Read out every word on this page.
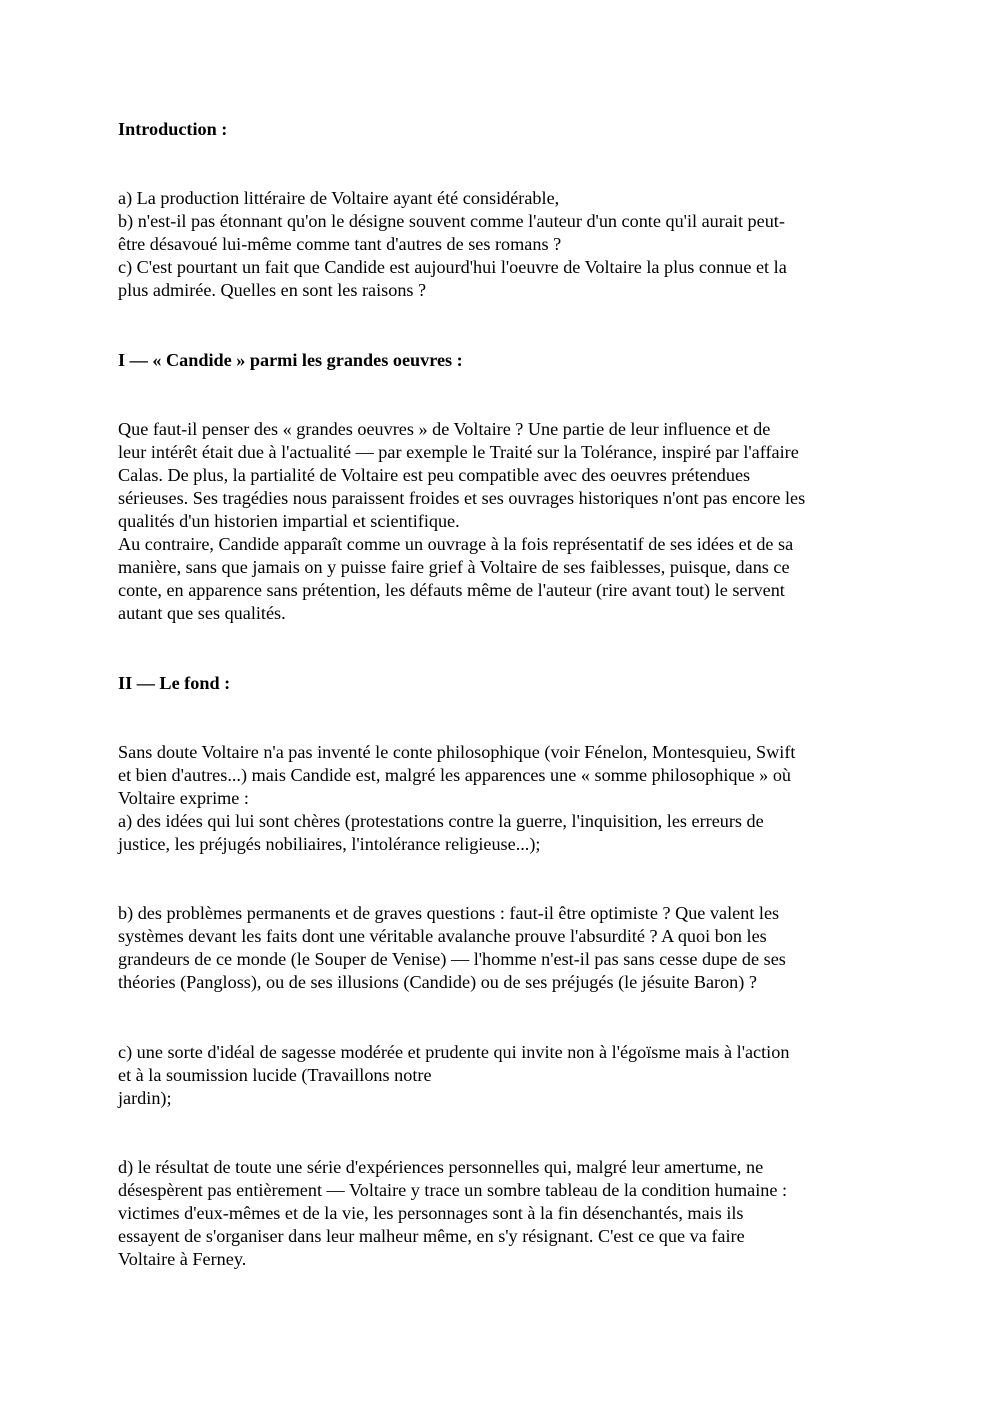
Introduction :
a) La production littéraire de Voltaire ayant été considérable,
b) n'est-il pas étonnant qu'on le désigne souvent comme l'auteur d'un conte qu'il aurait peut-
être désavoué lui-même comme tant d'autres de ses romans ?
c) C'est pourtant un fait que Candide est aujourd'hui l'oeuvre de Voltaire la plus connue et la
plus admirée. Quelles en sont les raisons ?
I — « Candide » parmi les grandes oeuvres :
Que faut-il penser des « grandes oeuvres » de Voltaire ? Une partie de leur influence et de
leur intérêt était due à l'actualité — par exemple le Traité sur la Tolérance, inspiré par l'affaire
Calas. De plus, la partialité de Voltaire est peu compatible avec des oeuvres prétendues
sérieuses. Ses tragédies nous paraissent froides et ses ouvrages historiques n'ont pas encore les
qualités d'un historien impartial et scientifique.
Au contraire, Candide apparaît comme un ouvrage à la fois représentatif de ses idées et de sa
manière, sans que jamais on y puisse faire grief à Voltaire de ses faiblesses, puisque, dans ce
conte, en apparence sans prétention, les défauts même de l'auteur (rire avant tout) le servent
autant que ses qualités.
II — Le fond :
Sans doute Voltaire n'a pas inventé le conte philosophique (voir Fénelon, Montesquieu, Swift
et bien d'autres...) mais Candide est, malgré les apparences une « somme philosophique » où
Voltaire exprime :
a) des idées qui lui sont chères (protestations contre la guerre, l'inquisition, les erreurs de
justice, les préjugés nobiliaires, l'intolérance religieuse...);
b) des problèmes permanents et de graves questions : faut-il être optimiste ? Que valent les
systèmes devant les faits dont une véritable avalanche prouve l'absurdité ? A quoi bon les
grandeurs de ce monde (le Souper de Venise) — l'homme n'est-il pas sans cesse dupe de ses
théories (Pangloss), ou de ses illusions (Candide) ou de ses préjugés (le jésuite Baron) ?
c) une sorte d'idéal de sagesse modérée et prudente qui invite non à l'égoïsme mais à l'action
et à la soumission lucide (Travaillons notre
jardin);
d) le résultat de toute une série d'expériences personnelles qui, malgré leur amertume, ne
désespèrent pas entièrement — Voltaire y trace un sombre tableau de la condition humaine :
victimes d'eux-mêmes et de la vie, les personnages sont à la fin désenchantés, mais ils
essayent de s'organiser dans leur malheur même, en s'y résignant. C'est ce que va faire
Voltaire à Ferney.
